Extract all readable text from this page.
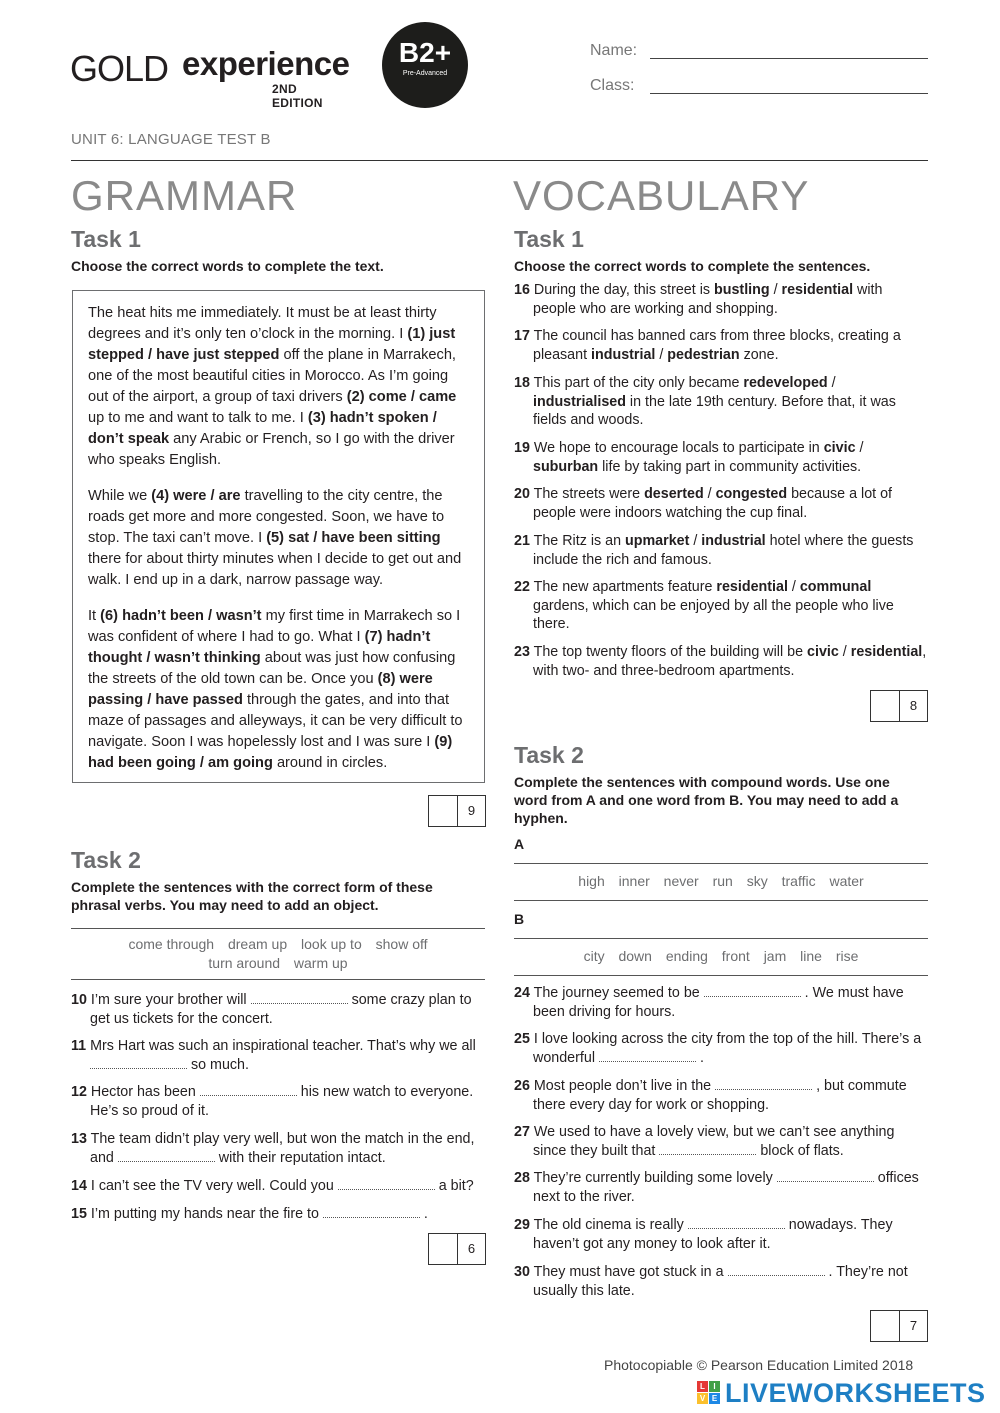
GOLD experience
2ND EDITION
B2+
Pre-Advanced
Name:
Class:
UNIT 6: LANGUAGE TEST B
GRAMMAR
Task 1
Choose the correct words to complete the text.

The heat hits me immediately. It must be at least thirty degrees and it’s only ten o’clock in the morning. I (1) just stepped / have just stepped off the plane in Marrakech, one of the most beautiful cities in Morocco. As I’m going out of the airport, a group of taxi drivers (2) come / came up to me and want to talk to me. I (3) hadn’t spoken / don’t speak any Arabic or French, so I go with the driver who speaks English.

While we (4) were / are travelling to the city centre, the roads get more and more congested. Soon, we have to stop. The taxi can’t move. I (5) sat / have been sitting there for about thirty minutes when I decide to get out and walk. I end up in a dark, narrow passage way.

It (6) hadn’t been / wasn’t my first time in Marrakech so I was confident of where I had to go. What I (7) hadn’t thought / wasn’t thinking about was just how confusing the streets of the old town can be. Once you (8) were passing / have passed through the gates, and into that maze of passages and alleyways, it can be very difficult to navigate. Soon I was hopelessly lost and I was sure I (9) had been going / am going around in circles.

9
Task 2
Complete the sentences with the correct form of these phrasal verbs. You may need to add an object.
come through dream up look up to show off
turn around warm up
10 I’m sure your brother will	some crazy plan to get us tickets for the concert.
11 Mrs Hart was such an inspirational teacher. That’s why we all  so much.
12 Hector has been	his new watch to everyone. He’s so proud of it.
13 The team didn’t play very well, but won the match in the end, and	with their reputation intact.
14 I can’t see the TV very well. Could you	a bit?
15 I’m putting my hands near the fire to	.
6
VOCABULARY
Task 1
Choose the correct words to complete the sentences.
16 During the day, this street is bustling / residential with people who are working and shopping.
17 The council has banned cars from three blocks, creating a pleasant industrial / pedestrian zone.
18 This part of the city only became redeveloped / industrialised in the late 19th century. Before that, it was fields and woods.
19 We hope to encourage locals to participate in civic / suburban life by taking part in community activities.
20 The streets were deserted / congested because a lot of people were indoors watching the cup final.
21 The Ritz is an upmarket / industrial hotel where the guests include the rich and famous.
22 The new apartments feature residential / communal gardens, which can be enjoyed by all the people who live there.
23 The top twenty floors of the building will be civic / residential, with two- and three-bedroom apartments.
8
Task 2
Complete the sentences with compound words. Use one word from A and one word from B. You may need to add a hyphen.
A
high inner never run sky traffic water
B
city down ending front jam line rise
24 The journey seemed to be	. We must have been driving for hours.
25 I love looking across the city from the top of the hill. There’s a wonderful	.
26 Most people don’t live in the	, but commute there every day for work or shopping.
27 We used to have a lovely view, but we can’t see anything since they built that	block of flats.
28 They’re currently building some lovely	offices next to the river.
29 The old cinema is really	nowadays. They haven’t got any money to look after it.
30 They must have got stuck in a	. They’re not usually this late.
7
Photocopiable © Pearson Education Limited 2018
L	I
V E LIVEWORKSHEETS
